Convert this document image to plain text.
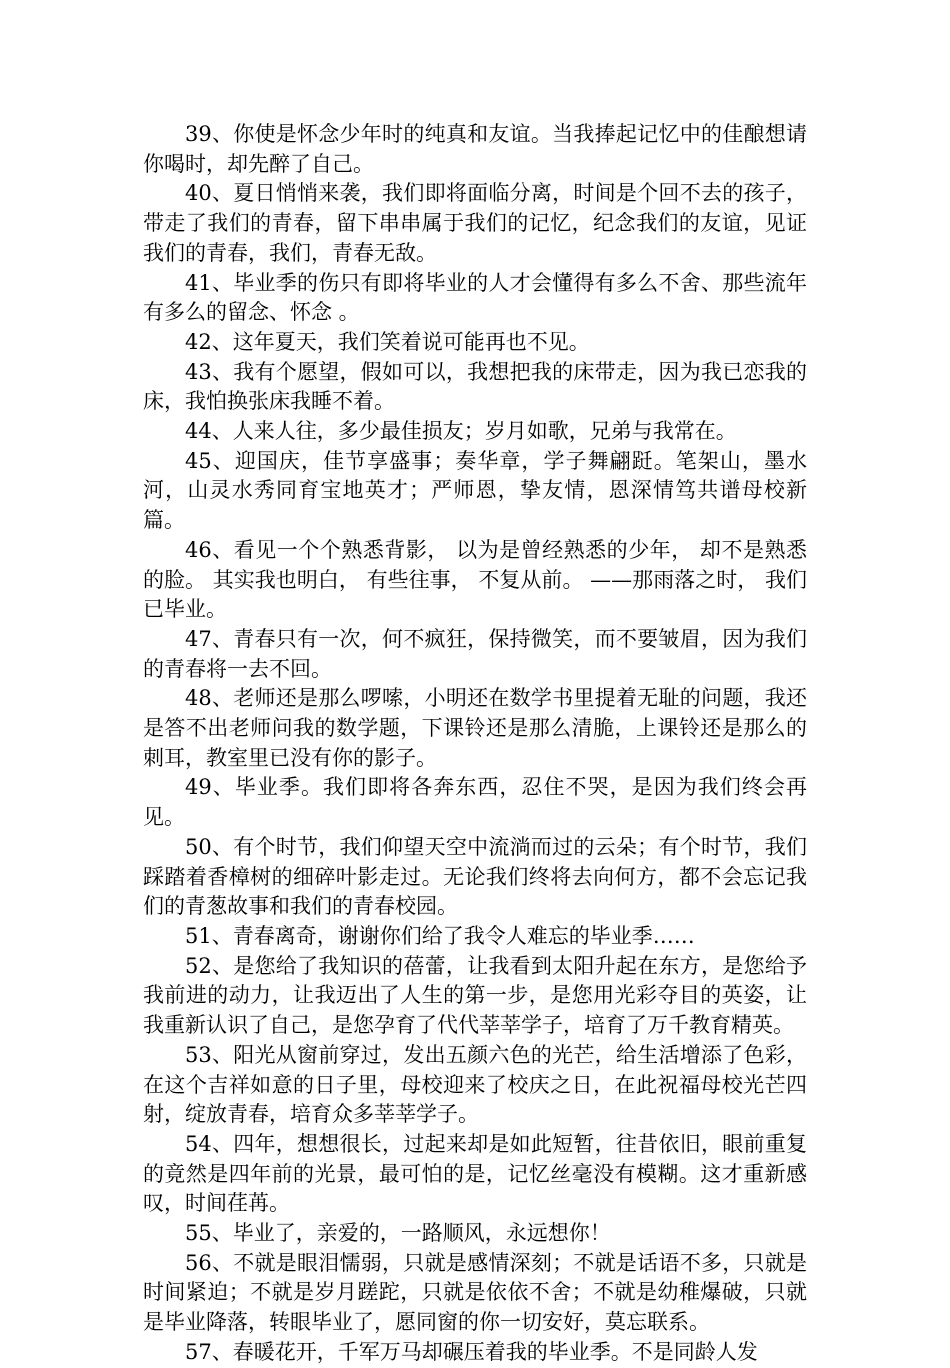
39、你使是怀念少年时的纯真和友谊。当我捧起记忆中的佳酿想请你喝时，却先醉了自己。

40、夏日悄悄来袭，我们即将面临分离，时间是个回不去的孩子，带走了我们的青春，留下串串属于我们的记忆，纪念我们的友谊，见证我们的青春，我们，青春无敌。

41、毕业季的伤只有即将毕业的人才会懂得有多么不舍、那些流年有多么的留念、怀念 。

42、这年夏天，我们笑着说可能再也不见。

43、我有个愿望，假如可以，我想把我的床带走，因为我已恋我的床，我怕换张床我睡不着。

44、人来人往，多少最佳损友；岁月如歌，兄弟与我常在。

45、迎国庆，佳节享盛事；奏华章，学子舞翩跹。笔架山，墨水河，山灵水秀同育宝地英才；严师恩，挚友情，恩深情笃共谱母校新篇。

46、看见一个个熟悉背影， 以为是曾经熟悉的少年， 却不是熟悉的脸。 其实我也明白， 有些往事， 不复从前。 ——那雨落之时， 我们已毕业。

47、青春只有一次，何不疯狂，保持微笑，而不要皱眉，因为我们的青春将一去不回。

48、老师还是那么啰嗦，小明还在数学书里提着无耻的问题，我还是答不出老师问我的数学题，下课铃还是那么清脆，上课铃还是那么的刺耳，教室里已没有你的影子。

49、毕业季。我们即将各奔东西，忍住不哭，是因为我们终会再见。

50、有个时节，我们仰望天空中流淌而过的云朵；有个时节，我们踩踏着香樟树的细碎叶影走过。无论我们终将去向何方，都不会忘记我们的青葱故事和我们的青春校园。

51、青春离奇，谢谢你们给了我令人难忘的毕业季……

52、是您给了我知识的蓓蕾，让我看到太阳升起在东方，是您给予我前进的动力，让我迈出了人生的第一步，是您用光彩夺目的英姿，让我重新认识了自己，是您孕育了代代莘莘学子，培育了万千教育精英。

53、阳光从窗前穿过，发出五颜六色的光芒，给生活增添了色彩，在这个吉祥如意的日子里，母校迎来了校庆之日，在此祝福母校光芒四射，绽放青春，培育众多莘莘学子。

54、四年，想想很长，过起来却是如此短暂，往昔依旧，眼前重复的竟然是四年前的光景，最可怕的是，记忆丝毫没有模糊。这才重新感叹，时间荏苒。

55、毕业了，亲爱的，一路顺风，永远想你！

56、不就是眼泪懦弱，只就是感情深刻；不就是话语不多，只就是时间紧迫；不就是岁月蹉跎，只就是依依不舍；不就是幼稚爆破，只就是毕业降落，转眼毕业了，愿同窗的你一切安好，莫忘联系。

57、春暖花开，千军万马却碾压着我的毕业季。不是同龄人发
